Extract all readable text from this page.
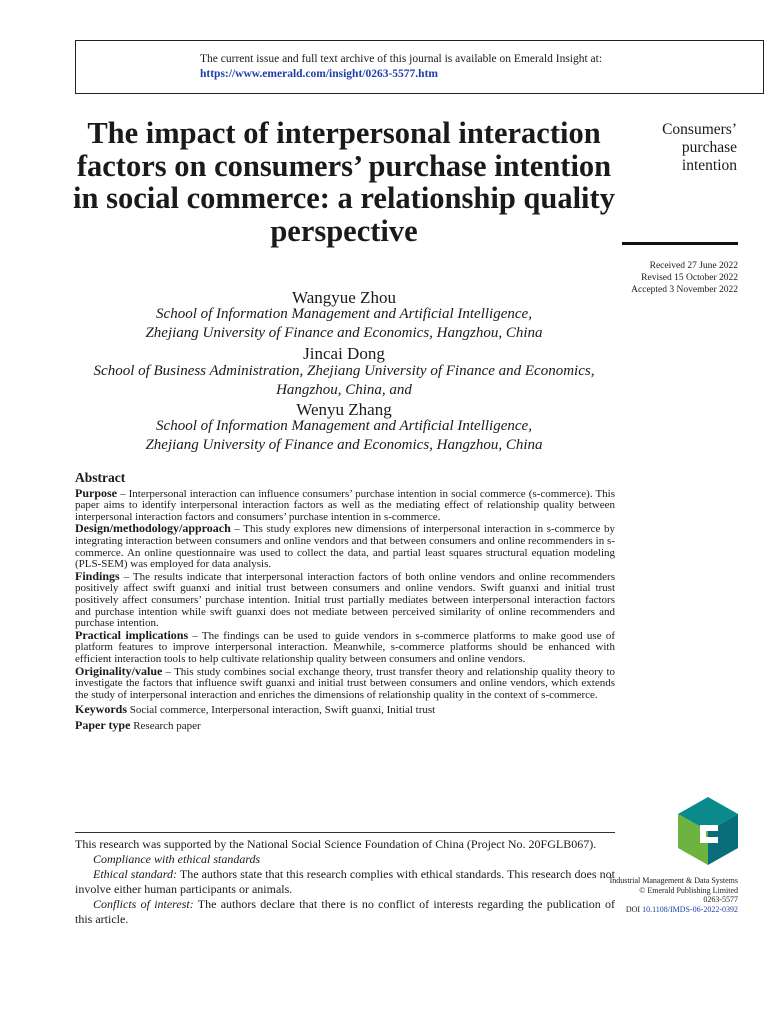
The current issue and full text archive of this journal is available on Emerald Insight at:
https://www.emerald.com/insight/0263-5577.htm
The impact of interpersonal interaction factors on consumers’ purchase intention in social commerce: a relationship quality perspective
Consumers’
purchase
intention
Received 27 June 2022
Revised 15 October 2022
Accepted 3 November 2022
Wangyue Zhou
School of Information Management and Artificial Intelligence,
Zhejiang University of Finance and Economics, Hangzhou, China
Jincai Dong
School of Business Administration, Zhejiang University of Finance and Economics,
Hangzhou, China, and
Wenyu Zhang
School of Information Management and Artificial Intelligence,
Zhejiang University of Finance and Economics, Hangzhou, China
Abstract

Purpose – Interpersonal interaction can influence consumers’ purchase intention in social commerce (s-commerce). This paper aims to identify interpersonal interaction factors as well as the mediating effect of relationship quality between interpersonal interaction factors and consumers’ purchase intention in s-commerce.

Design/methodology/approach – This study explores new dimensions of interpersonal interaction in s-commerce by integrating interaction between consumers and online vendors and that between consumers and online recommenders in s-commerce. An online questionnaire was used to collect the data, and partial least squares structural equation modeling (PLS-SEM) was employed for data analysis.

Findings – The results indicate that interpersonal interaction factors of both online vendors and online recommenders positively affect swift guanxi and initial trust between consumers and online vendors. Swift guanxi and initial trust positively affect consumers’ purchase intention. Initial trust partially mediates between interpersonal interaction factors and purchase intention while swift guanxi does not mediate between perceived similarity of online recommenders and purchase intention.

Practical implications – The findings can be used to guide vendors in s-commerce platforms to make good use of platform features to improve interpersonal interaction. Meanwhile, s-commerce platforms should be enhanced with efficient interaction tools to help cultivate relationship quality between consumers and online vendors.

Originality/value – This study combines social exchange theory, trust transfer theory and relationship quality theory to investigate the factors that influence swift guanxi and initial trust between consumers and online vendors, which extends the study of interpersonal interaction and enriches the dimensions of relationship quality in the context of s-commerce.

Keywords Social commerce, Interpersonal interaction, Swift guanxi, Initial trust

Paper type Research paper

This research was supported by the National Social Science Foundation of China (Project No. 20FGLB067).

Compliance with ethical standards

Ethical standard: The authors state that this research complies with ethical standards. This research does not involve either human participants or animals.

Conflicts of interest: The authors declare that there is no conflict of interests regarding the publication of this article.

Industrial Management & Data Systems
© Emerald Publishing Limited
0263-5577
DOI 10.1108/IMDS-06-2022-0392
